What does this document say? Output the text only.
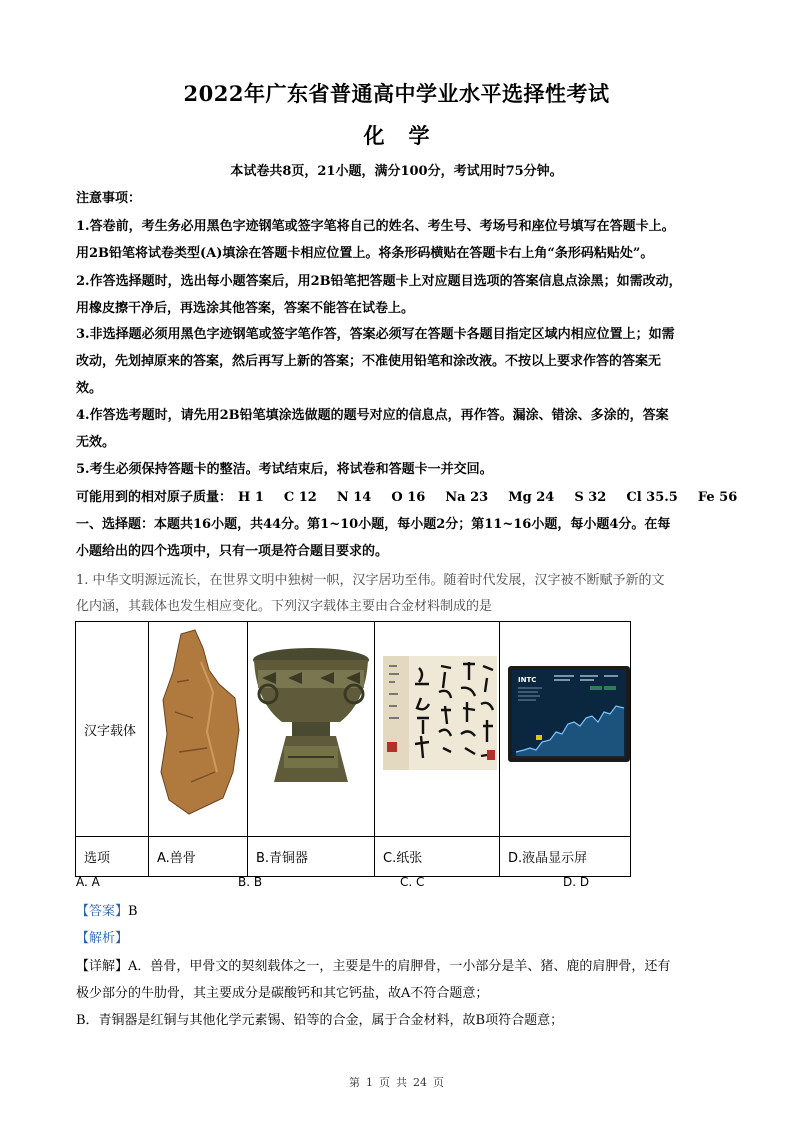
2022年广东省普通高中学业水平选择性考试
化 学
本试卷共8页，21小题，满分100分，考试用时75分钟。
注意事项：
1.答卷前，考生务必用黑色字迹钢笔或签字笔将自己的姓名、考生号、考场号和座位号填写在答题卡上。
用2B铅笔将试卷类型(A)填涂在答题卡相应位置上。将条形码横贴在答题卡右上角“条形码粘贴处”。
2.作答选择题时，选出每小题答案后，用2B铅笔把答题卡上对应题目选项的答案信息点涂黑；如需改动，
用橡皮擦干净后，再选涂其他答案，答案不能答在试卷上。
3.非选择题必须用黑色字迹钢笔或签字笔作答，答案必须写在答题卡各题目指定区域内相应位置上；如需
改动，先划掉原来的答案，然后再写上新的答案；不准使用铅笔和涂改液。不按以上要求作答的答案无
效。
4.作答选考题时，请先用2B铅笔填涂选做题的题号对应的信息点，再作答。漏涂、错涂、多涂的，答案
无效。
5.考生必须保持答题卡的整洁。考试结束后，将试卷和答题卡一并交回。
可能用到的相对原子质量： H 1 C 12 N 14 O 16 Na 23 Mg 24 S 32 Cl 35.5 Fe 56
一、选择题：本题共16小题，共44分。第1~10小题，每小题2分；第11~16小题，每小题4分。在每
小题给出的四个选项中，只有一项是符合题目要求的。
1. 中华文明源远流长，在世界文明中独树一帜，汉字居功至伟。随着时代发展，汉字被不断赋予新的文
化内涵，其载体也发生相应变化。下列汉字载体主要由合金材料制成的是
汉字载体				INTC

选项	A.兽骨	B.青铜器	C.纸张	D.液晶显示屏
A. A	B. B	C. C	D. D
【答案】B
【解析】
【详解】A．兽骨，甲骨文的契刻载体之一，主要是牛的肩胛骨，一小部分是羊、猪、鹿的肩胛骨，还有
极少部分的牛肋骨，其主要成分是碳酸钙和其它钙盐，故A不符合题意；
B．青铜器是红铜与其他化学元素锡、铅等的合金，属于合金材料，故B项符合题意；
第 1 页 共 24 页
